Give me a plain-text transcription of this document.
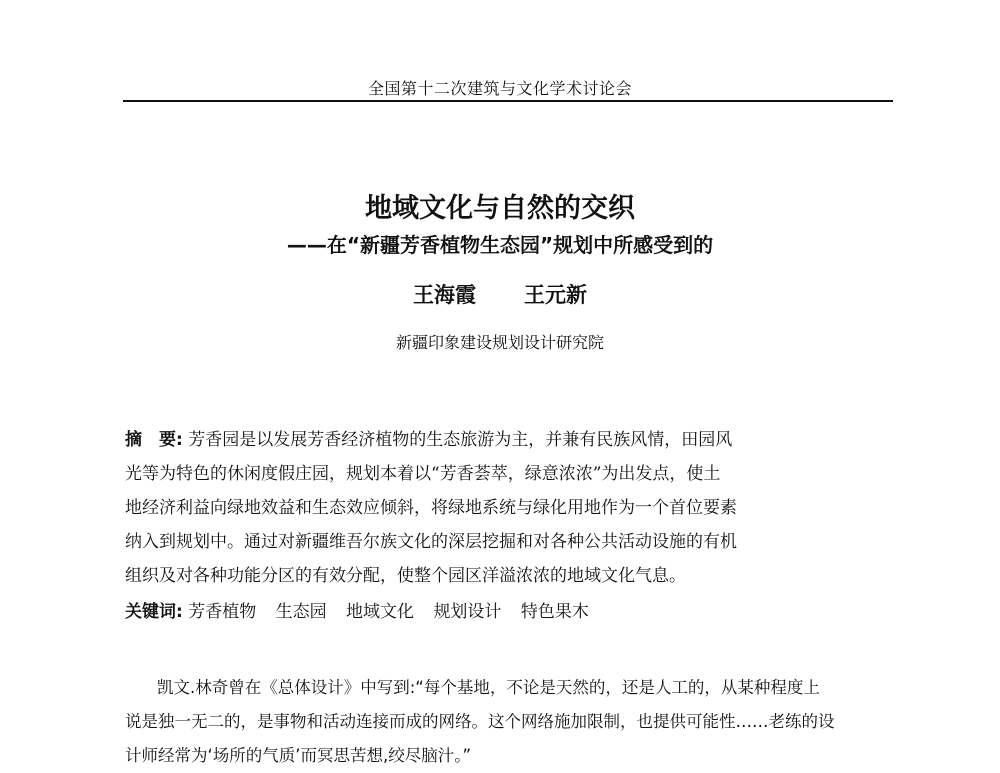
全国第十二次建筑与文化学术讨论会
地域文化与自然的交织
——在“新疆芳香植物生态园”规划中所感受到的
王海霞 王元新
新疆印象建设规划设计研究院
摘　要: 芳香园是以发展芳香经济植物的生态旅游为主，并兼有民族风情，田园风
光等为特色的休闲度假庄园，规划本着以“芳香荟萃，绿意浓浓”为出发点，使土
地经济利益向绿地效益和生态效应倾斜，将绿地系统与绿化用地作为一个首位要素
纳入到规划中。通过对新疆维吾尔族文化的深层挖掘和对各种公共活动设施的有机
组织及对各种功能分区的有效分配，使整个园区洋溢浓浓的地域文化气息。
关键词: 芳香植物 生态园 地域文化 规划设计 特色果木
凯文.林奇曾在《总体设计》中写到:“每个基地，不论是天然的，还是人工的，从某种程度上
说是独一无二的，是事物和活动连接而成的网络。这个网络施加限制，也提供可能性……老练的设
计师经常为‘场所的气质’而冥思苦想,绞尽脑汁。”
